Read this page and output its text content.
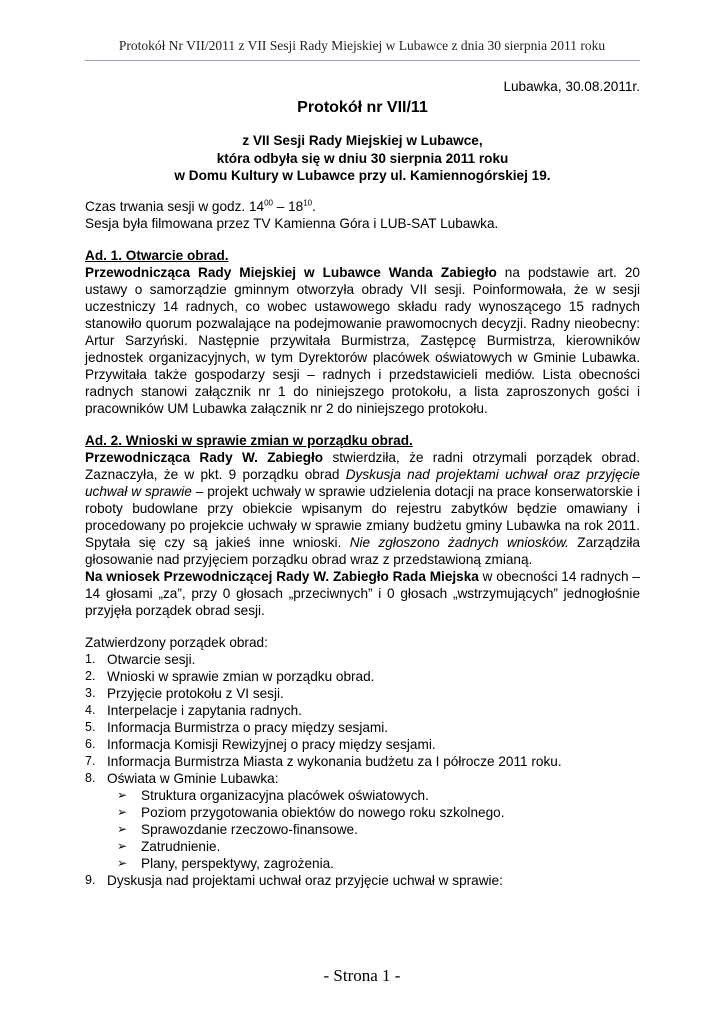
Protokół Nr VII/2011 z VII Sesji Rady Miejskiej w Lubawce z dnia 30 sierpnia 2011 roku
Lubawka, 30.08.2011r.
Protokół nr VII/11
z VII Sesji Rady Miejskiej w Lubawce,
która odbyła się w dniu 30 sierpnia 2011 roku
w Domu Kultury w Lubawce przy ul. Kamiennogórskiej 19.
Czas trwania sesji w godz. $14^{00} - 18^{10}$.
Sesja była filmowana przez TV Kamienna Góra i LUB-SAT Lubawka.
Ad. 1. Otwarcie obrad.
Przewodnicząca Rady Miejskiej w Lubawce Wanda Zabiegło na podstawie art. 20 ustawy o samorządzie gminnym otworzyła obrady VII sesji. Poinformowała, że w sesji uczestniczy 14 radnych, co wobec ustawowego składu rady wynoszącego 15 radnych stanowiło quorum pozwalające na podejmowanie prawomocnych decyzji. Radny nieobecny: Artur Sarzyński. Następnie przywitała Burmistrza, Zastępcę Burmistrza, kierowników jednostek organizacyjnych, w tym Dyrektorów placówek oświatowych w Gminie Lubawka. Przywitała także gospodarzy sesji – radnych i przedstawicieli mediów. Lista obecności radnych stanowi załącznik nr 1 do niniejszego protokołu, a lista zaproszonych gości i pracowników UM Lubawka załącznik nr 2 do niniejszego protokołu.
Ad. 2. Wnioski w sprawie zmian w porządku obrad.
Przewodnicząca Rady W. Zabiegło stwierdziła, że radni otrzymali porządek obrad. Zaznaczyła, że w pkt. 9 porządku obrad Dyskusja nad projektami uchwał oraz przyjęcie uchwał w sprawie – projekt uchwały w sprawie udzielenia dotacji na prace konserwatorskie i roboty budowlane przy obiekcie wpisanym do rejestru zabytków będzie omawiany i procedowany po projekcie uchwały w sprawie zmiany budżetu gminy Lubawka na rok 2011. Spytała się czy są jakieś inne wnioski. Nie zgłoszono żadnych wniosków. Zarządziła głosowanie nad przyjęciem porządku obrad wraz z przedstawioną zmianą.
Na wniosek Przewodniczącej Rady W. Zabiegło Rada Miejska w obecności 14 radnych – 14 głosami „za”, przy 0 głosach „przeciwnych” i 0 głosach „wstrzymujących” jednogłośnie przyjęła porządek obrad sesji.
Zatwierdzony porządek obrad:
1. Otwarcie sesji.
2. Wnioski w sprawie zmian w porządku obrad.
3. Przyjęcie protokołu z VI sesji.
4. Interpelacje i zapytania radnych.
5. Informacja Burmistrza o pracy między sesjami.
6. Informacja Komisji Rewizyjnej o pracy między sesjami.
7. Informacja Burmistrza Miasta z wykonania budżetu za I półrocze 2011 roku.
8. Oświata w Gminie Lubawka:
➢ Struktura organizacyjna placówek oświatowych.
➢ Poziom przygotowania obiektów do nowego roku szkolnego.
➢ Sprawozdanie rzeczowo-finansowe.
➢ Zatrudnienie.
➢ Plany, perspektywy, zagrożenia.
9. Dyskusja nad projektami uchwał oraz przyjęcie uchwał w sprawie:
- Strona 1 -
